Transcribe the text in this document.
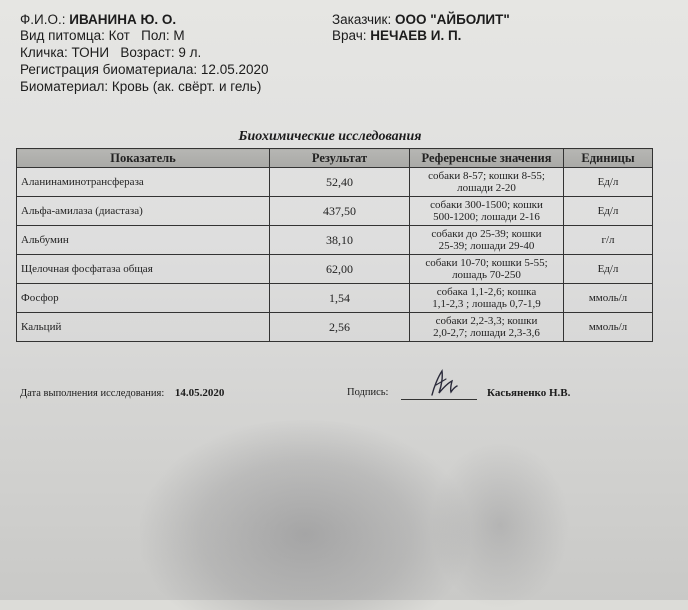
Ф.И.О.: ИВАНИНА Ю. О.
Вид питомца: Кот Пол: М
Кличка: ТОНИ Возраст: 9 л.
Регистрация биоматериала: 12.05.2020
Биоматериал: Кровь (ак. свёрт. и гель)
Заказчик: ООО "АЙБОЛИТ"
Врач: НЕЧАЕВ И. П.
Биохимические исследования
Показатель	Результат	Референсные значения	Единицы
Аланинаминотрансфераза	52,40	собаки 8-57; кошки 8-55;
лошади 2-20	Ед/л
Альфа-амилаза (диастаза)	437,50	собаки 300-1500; кошки
500-1200; лошади 2-16	Ед/л
Альбумин	38,10	собаки до 25-39; кошки
25-39; лошади 29-40	г/л
Щелочная фосфатаза общая	62,00	собаки 10-70; кошки 5-55;
лошадь 70-250	Ед/л
Фосфор	1,54	собака 1,1-2,6; кошка
1,1-2,3 ; лошадь 0,7-1,9	ммоль/л
Кальций	2,56	собаки 2,2-3,3; кошки
2,0-2,7; лошади 2,3-3,6	ммоль/л
Дата выполнения исследования: 14.05.2020	Подпись:	Касьяненко Н.В.
